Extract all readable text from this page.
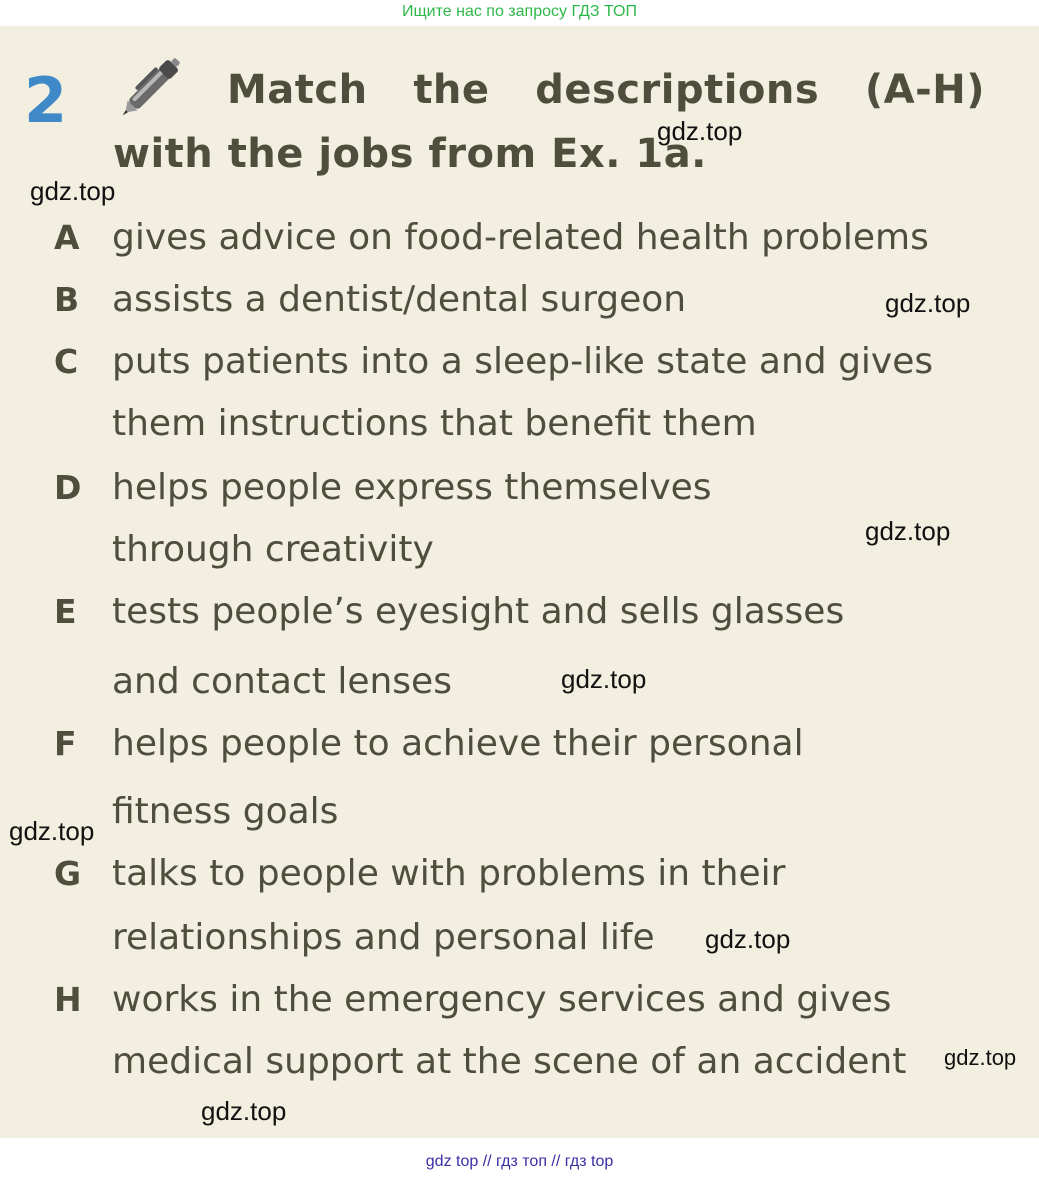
Ищите нас по запросу ГДЗ ТОП
2	Match the descriptions (A-H) with the jobs from Ex. 1a.

A gives advice on food-related health problems
B assists a dentist/dental surgeon
C puts patients into a sleep-like state and gives
them instructions that benefit them
D helps people express themselves
through creativity
E tests people’s eyesight and sells glasses
and contact lenses
F helps people to achieve their personal
fitness goals
G talks to people with problems in their
relationships and personal life
H works in the emergency services and gives
medical support at the scene of an accident
gdz.top
gdz.top
gdz.top
gdz.top
gdz.top
gdz.top
gdz.top
gdz.top
gdz.top
gdz top // гдз топ // гдз top
